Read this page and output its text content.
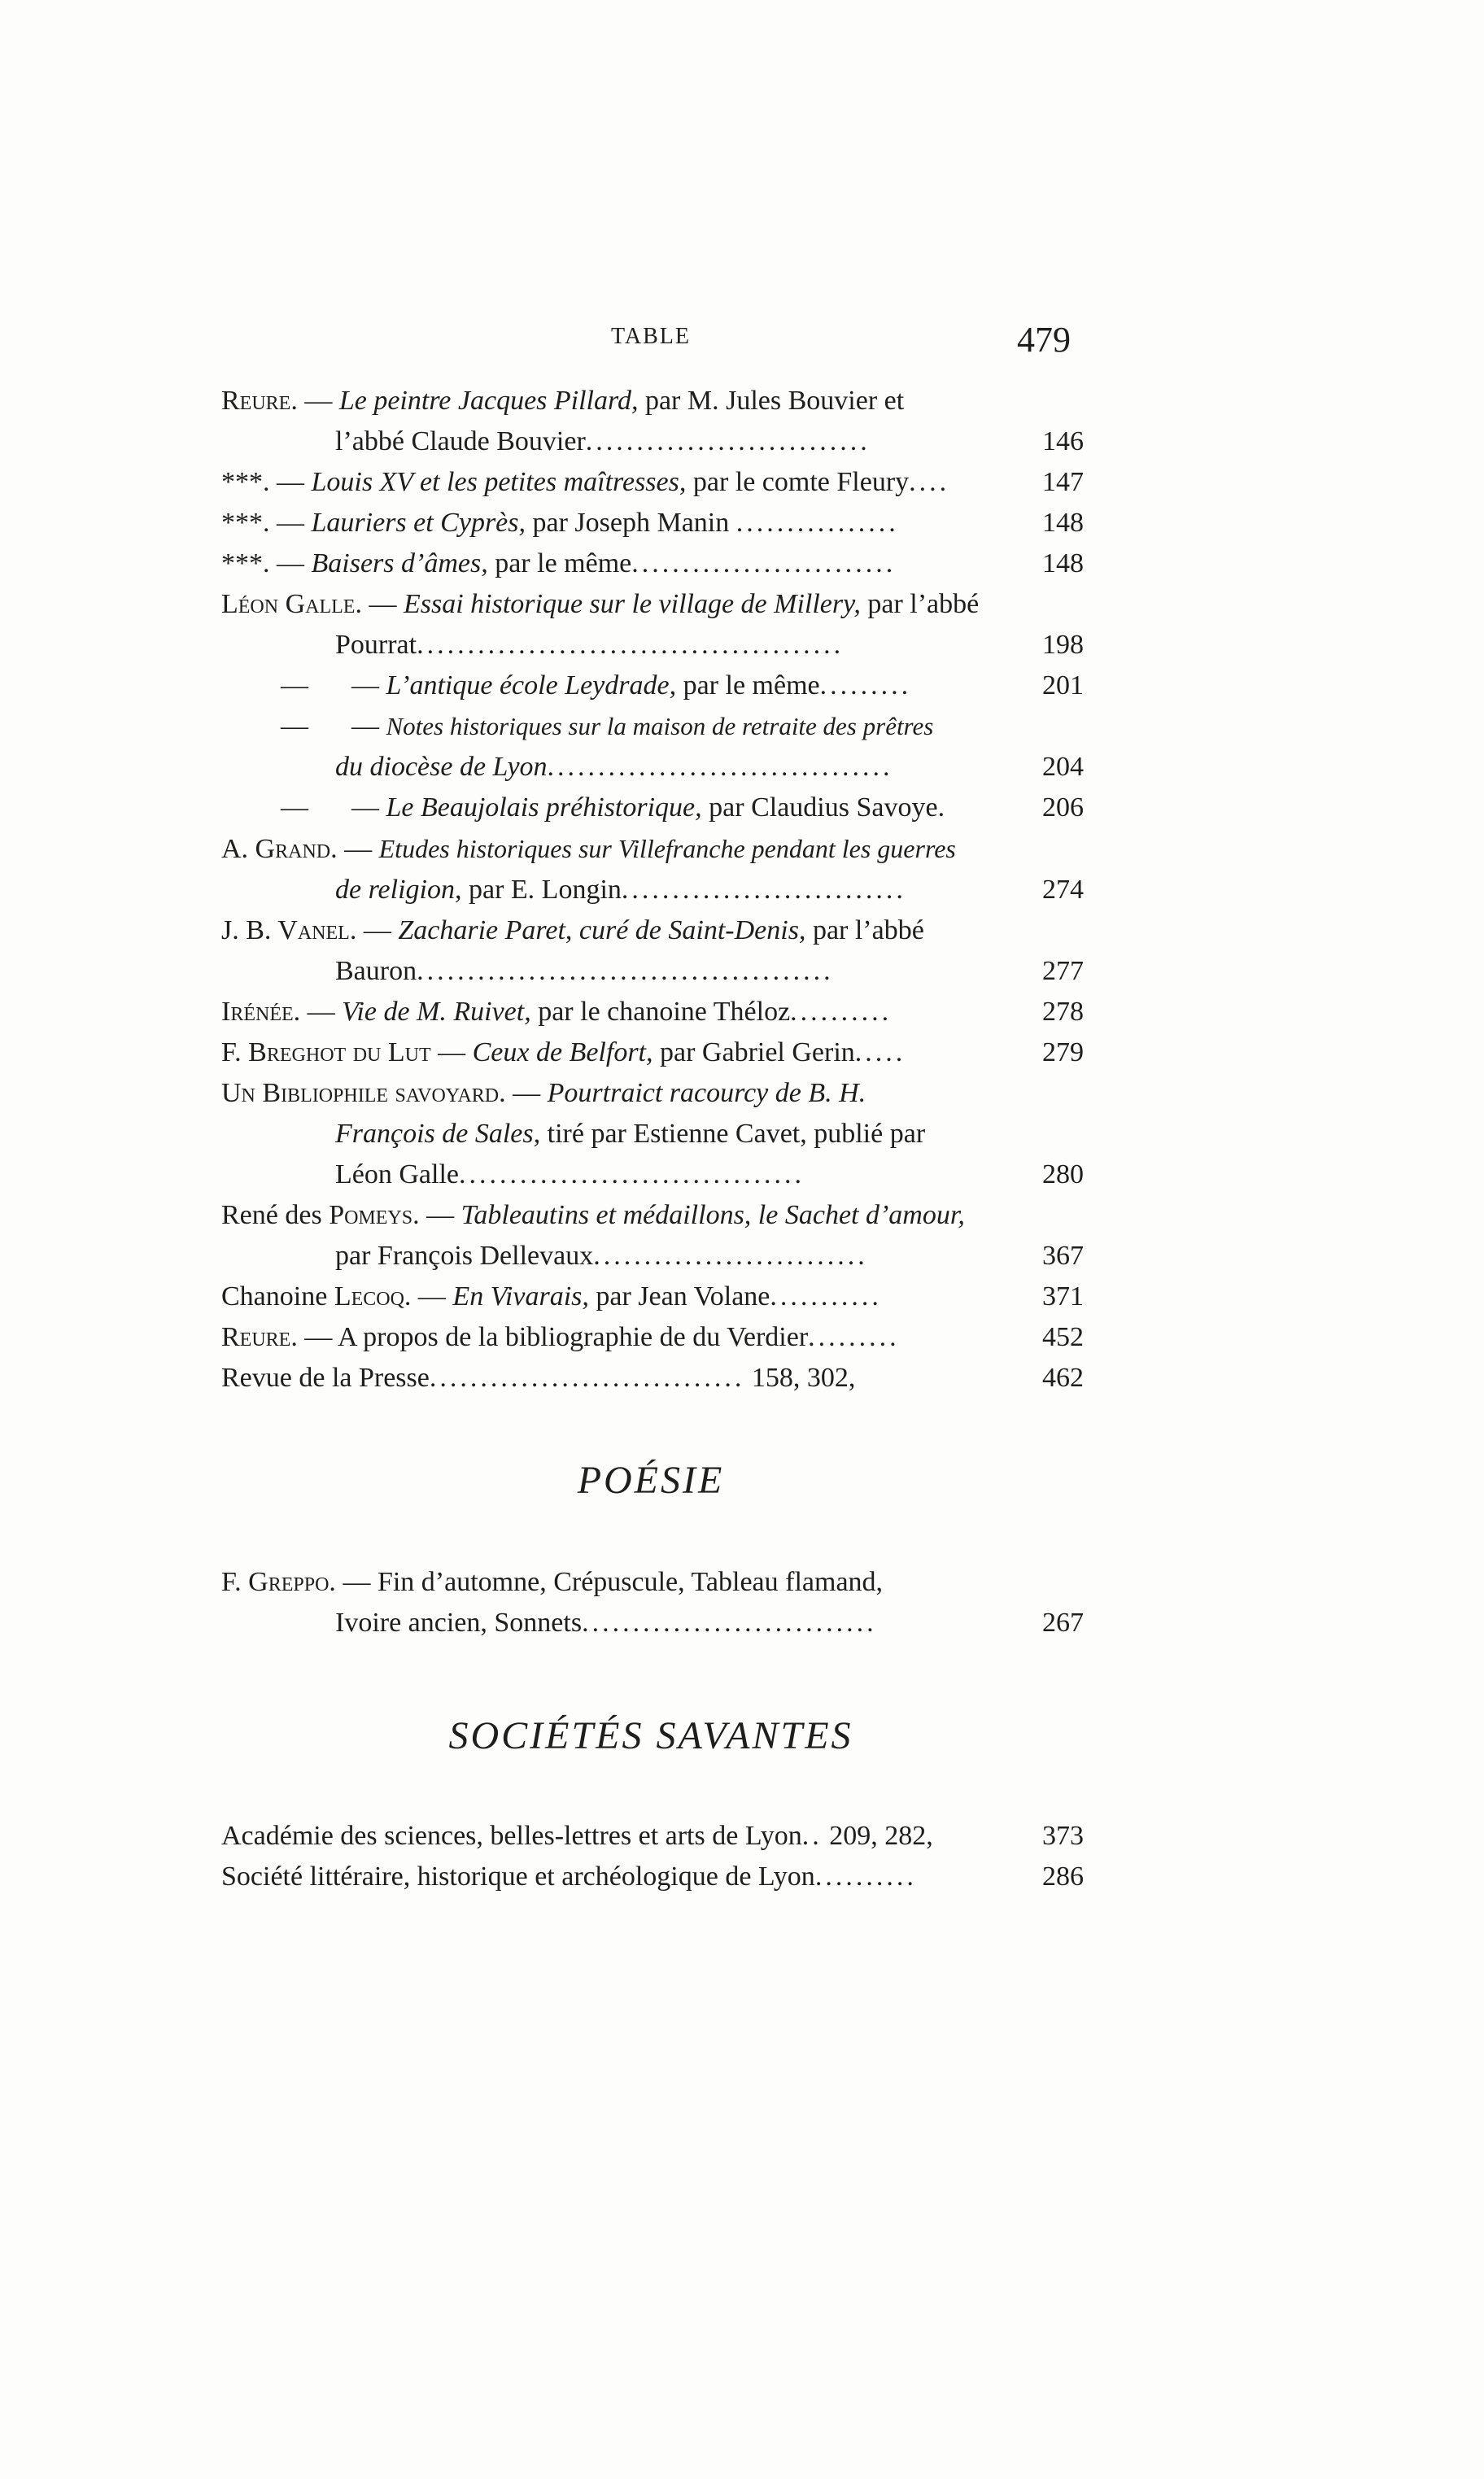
TABLE	479
Reure. — Le peintre Jacques Pillard, par M. Jules Bouvier et
l’abbé Claude Bouvier............................	146
***. — Louis XV et les petites maîtresses, par le comte Fleury....	147
***. — Lauriers et Cyprès, par Joseph Manin ................	148
***. — Baisers d’âmes, par le même..........................	148
Léon Galle. — Essai historique sur le village de Millery, par l’abbé
Pourrat..........................................	198
— — L’antique école Leydrade, par le même.........	201
— — Notes historiques sur la maison de retraite des prêtres
du diocèse de Lyon..................................	204
— — Le Beaujolais préhistorique, par Claudius Savoye.	206
A. Grand. — Etudes historiques sur Villefranche pendant les guerres
de religion, par E. Longin............................	274
J. B. Vanel. — Zacharie Paret, curé de Saint-Denis, par l’abbé
Bauron.........................................	277
Irénée. — Vie de M. Ruivet, par le chanoine Théloz..........	278
F. Breghot du Lut — Ceux de Belfort, par Gabriel Gerin.....	279
Un Bibliophile savoyard. — Pourtraict racourcy de B. H.
François de Sales, tiré par Estienne Cavet, publié par
Léon Galle..................................	280
René des Pomeys. — Tableautins et médaillons, le Sachet d’amour,
par François Dellevaux...........................	367
Chanoine Lecoq. — En Vivarais, par Jean Volane...........	371
Reure. — A propos de la bibliographie de du Verdier.........	452
Revue de la Presse............................... 158, 302,	462
POÉSIE
F. Greppo. — Fin d’automne, Crépuscule, Tableau flamand,
Ivoire ancien, Sonnets.............................	267
SOCIÉTÉS SAVANTES
Académie des sciences, belles-lettres et arts de Lyon.. 209, 282,	373
Société littéraire, historique et archéologique de Lyon..........	286
